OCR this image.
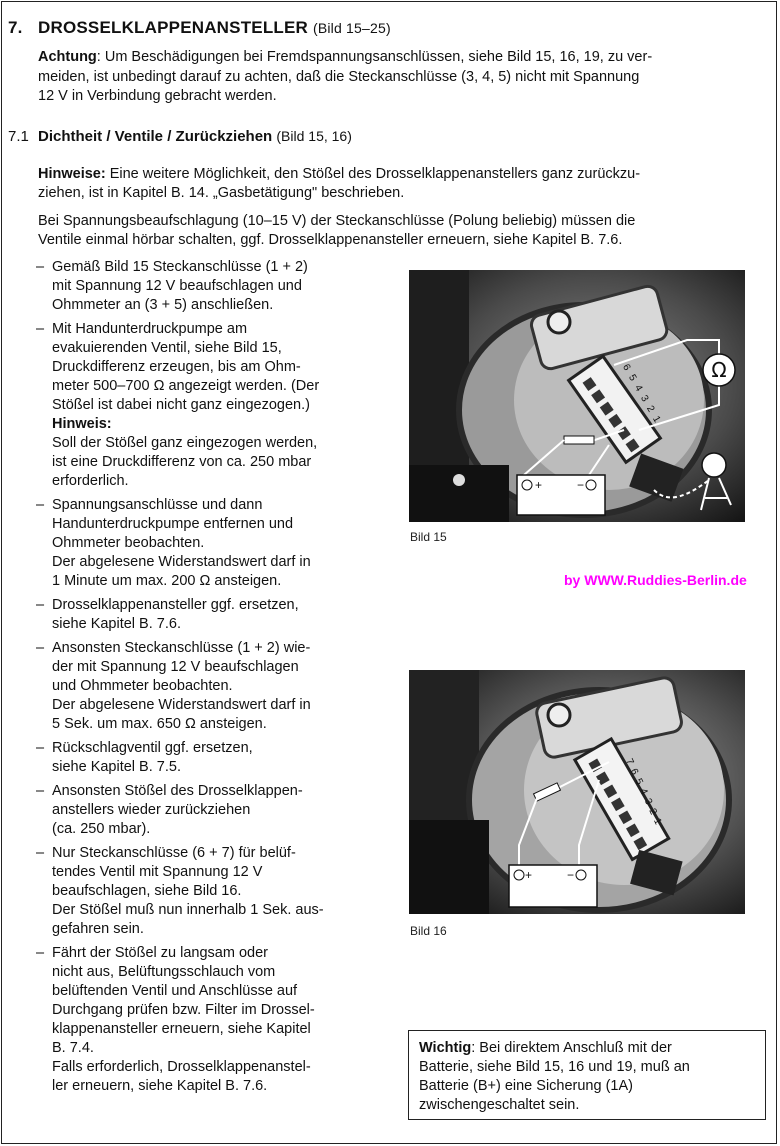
7. DROSSELKLAPPENANSTELLER (Bild 15–25)
Achtung: Um Beschädigungen bei Fremdspannungsanschlüssen, siehe Bild 15, 16, 19, zu ver-
meiden, ist unbedingt darauf zu achten, daß die Steckanschlüsse (3, 4, 5) nicht mit Spannung
12 V in Verbindung gebracht werden.
7.1 Dichtheit / Ventile / Zurückziehen (Bild 15, 16)
Hinweise: Eine weitere Möglichkeit, den Stößel des Drosselklappenanstellers ganz zurückzu-
ziehen, ist in Kapitel B. 14. „Gasbetätigung" beschrieben.
Bei Spannungsbeaufschlagung (10–15 V) der Steckanschlüsse (Polung beliebig) müssen die
Ventile einmal hörbar schalten, ggf. Drosselklappenansteller erneuern, siehe Kapitel B. 7.6.
– Gemäß Bild 15 Steckanschlüsse (1 + 2)
mit Spannung 12 V beaufschlagen und
Ohmmeter an (3 + 5) anschließen.
– Mit Handunterdruckpumpe am
evakuierenden Ventil, siehe Bild 15,
Druckdifferenz erzeugen, bis am Ohm-
meter 500–700 Ω angezeigt werden. (Der
Stößel ist dabei nicht ganz eingezogen.)
Hinweis:
Soll der Stößel ganz eingezogen werden,
ist eine Druckdifferenz von ca. 250 mbar
erforderlich.
– Spannungsanschlüsse und dann
Handunterdruckpumpe entfernen und
Ohmmeter beobachten.
Der abgelesene Widerstandswert darf in
1 Minute um max. 200 Ω ansteigen.
– Drosselklappenansteller ggf. ersetzen,
siehe Kapitel B. 7.6.
– Ansonsten Steckanschlüsse (1 + 2) wie-
der mit Spannung 12 V beaufschlagen
und Ohmmeter beobachten.
Der abgelesene Widerstandswert darf in
5 Sek. um max. 650 Ω ansteigen.
– Rückschlagventil ggf. ersetzen,
siehe Kapitel B. 7.5.
– Ansonsten Stößel des Drosselklappen-
anstellers wieder zurückziehen
(ca. 250 mbar).
– Nur Steckanschlüsse (6 + 7) für belüf-
tendes Ventil mit Spannung 12 V
beaufschlagen, siehe Bild 16.
Der Stößel muß nun innerhalb 1 Sek. aus-
gefahren sein.
– Fährt der Stößel zu langsam oder
nicht aus, Belüftungsschlauch vom
belüftenden Ventil und Anschlüsse auf
Durchgang prüfen bzw. Filter im Drossel-
klappenansteller erneuern, siehe Kapitel
B. 7.4.
Falls erforderlich, Drosselklappenanstel-
ler erneuern, siehe Kapitel B. 7.6.
6
5
4
3
2
1
Ω
+	−
Bild 15
by WWW.Ruddies-Berlin.de
7
6
5
4
3
2
1
+	−
Bild 16
Wichtig: Bei direktem Anschluß mit der
Batterie, siehe Bild 15, 16 und 19, muß an
Batterie (B+) eine Sicherung (1A)
zwischengeschaltet sein.
